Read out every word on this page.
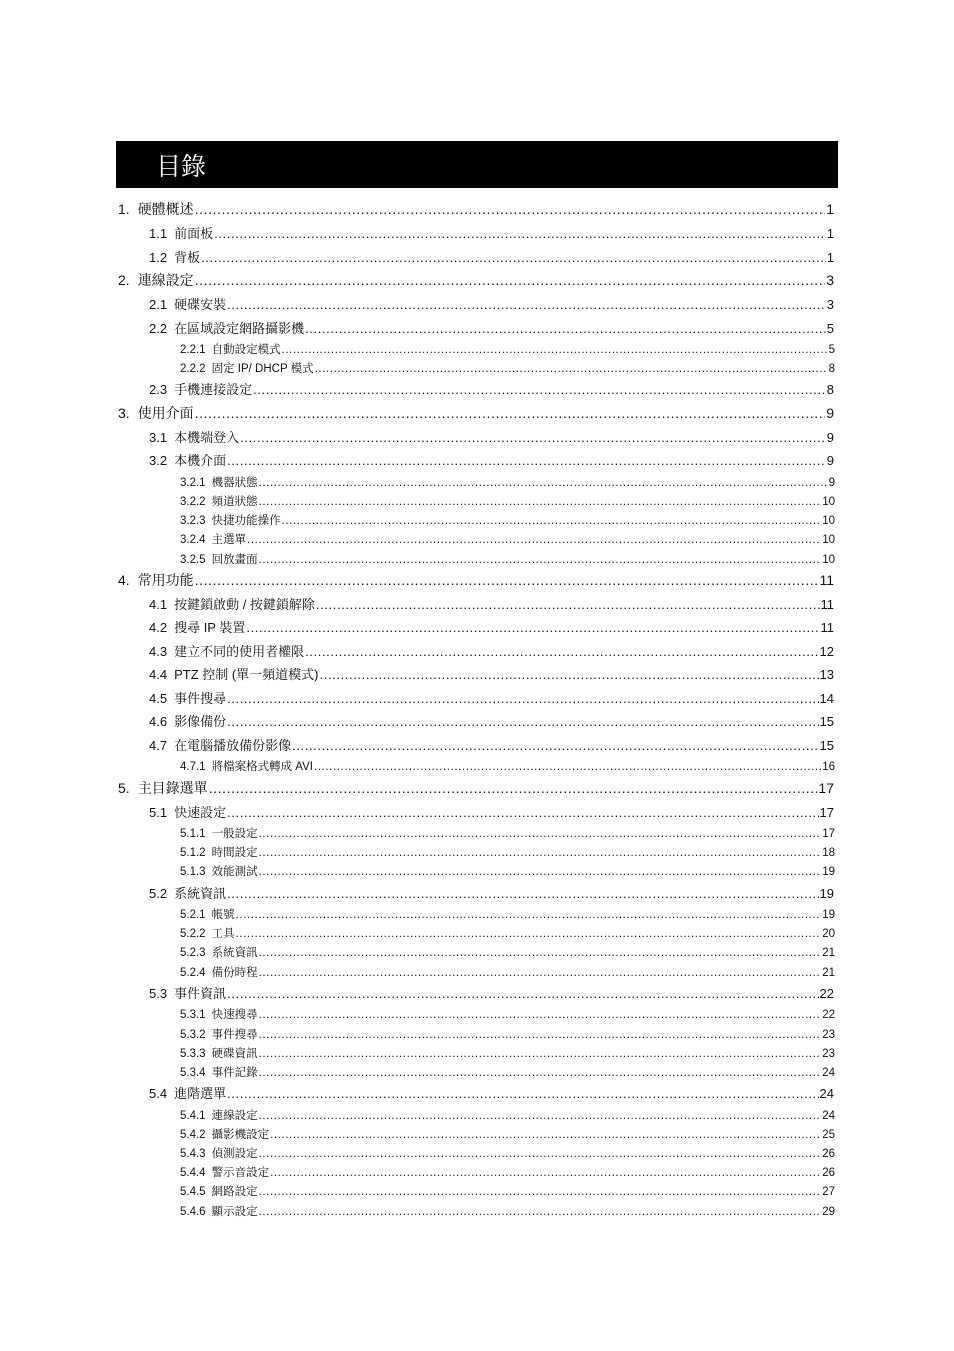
目錄
1. 硬體概述 .....	1
1.1 前面板 .....	1
1.2 背板 .....	1
2. 連線設定 .....	3
2.1 硬碟安裝 .....	3
2.2 在區域設定網路攝影機 .....	5
2.2.1 自動設定模式 .....	5
2.2.2 固定 IP/ DHCP 模式 .....	8
2.3 手機連接設定 .....	8
3. 使用介面 .....	9
3.1 本機端登入 .....	9
3.2 本機介面 .....	9
3.2.1 機器狀態 .....	9
3.2.2 頻道狀態 .....	10
3.2.3 快捷功能操作 .....	10
3.2.4 主選單 .....	10
3.2.5 回放畫面 .....	10
4. 常用功能 .....	11
4.1 按鍵鎖啟動 / 按鍵鎖解除 .....	11
4.2 搜尋 IP 裝置 .....	11
4.3 建立不同的使用者權限 .....	12
4.4 PTZ 控制 (單一頻道模式) .....	13
4.5 事件搜尋 .....	14
4.6 影像備份 .....	15
4.7 在電腦播放備份影像 .....	15
4.7.1 將檔案格式轉成 AVI .....	16
5. 主目錄選單 .....	17
5.1 快速設定 .....	17
5.1.1 一般設定 .....	17
5.1.2 時間設定 .....	18
5.1.3 效能測試 .....	19
5.2 系統資訊 .....	19
5.2.1 帳號 .....	19
5.2.2 工具 .....	20
5.2.3 系統資訊 .....	21
5.2.4 備份時程 .....	21
5.3 事件資訊 .....	22
5.3.1 快速搜尋 .....	22
5.3.2 事件搜尋 .....	23
5.3.3 硬碟資訊 .....	23
5.3.4 事件記錄 .....	24
5.4 進階選單 .....	24
5.4.1 連線設定 .....	24
5.4.2 攝影機設定 .....	25
5.4.3 偵測設定 .....	26
5.4.4 警示音設定 .....	26
5.4.5 網路設定 .....	27
5.4.6 顯示設定 .....	29
